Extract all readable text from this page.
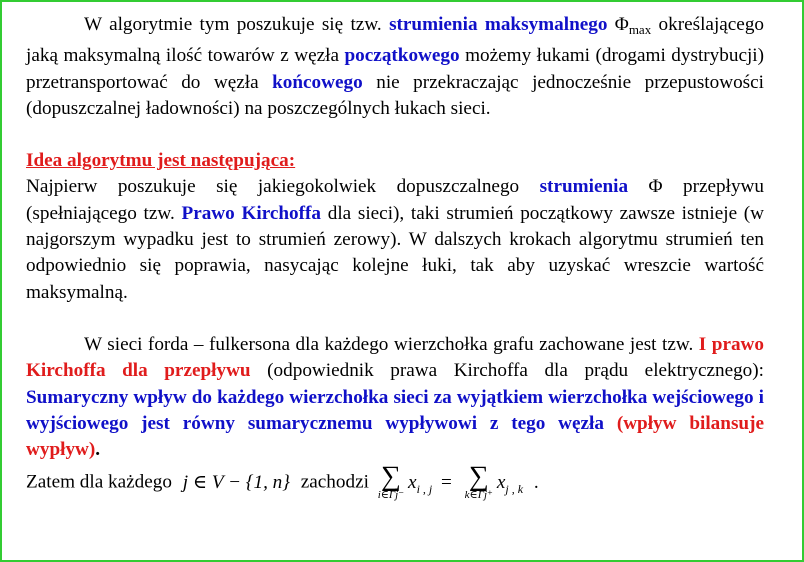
W algorytmie tym poszukuje się tzw. strumienia maksymalnego $\Phi_{max}$ określającego jaką maksymalną ilość towarów z węzła początkowego możemy łukami (drogami dystrybucji) przetransportować do węzła końcowego nie przekraczając jednocześnie przepustowości (dopuszczalnej ładowności) na poszczególnych łukach sieci.

Idea algorytmu jest następująca:

Najpierw poszukuje się jakiegokolwiek dopuszczalnego strumienia Φ przepływu (spełniającego tzw. Prawo Kirchoffa dla sieci), taki strumień początkowy zawsze istnieje (w najgorszym wypadku jest to strumień zerowy). W dalszych krokach algorytmu strumień ten odpowiednio się poprawia, nasycając kolejne łuki, tak aby uzyskać wreszcie wartość maksymalną.

W sieci forda – fulkersona dla każdego wierzchołka grafu zachowane jest tzw. I prawo Kirchoffa dla przepływu (odpowiednik prawa Kirchoffa dla prądu elektrycznego): Sumaryczny wpływ do każdego wierzchołka sieci za wyjątkiem wierzchołka wejściowego i wyjściowego jest równy sumarycznemu wypływowi z tego węzła (wpływ bilansuje wypływ).

Zatem dla każdego j ∈ V − {1, n} zachodzi ∑
i∈Γj⁻
$x_{i , j}$ = ∑
k∈Γj⁺
$x_{j , k}$ .
